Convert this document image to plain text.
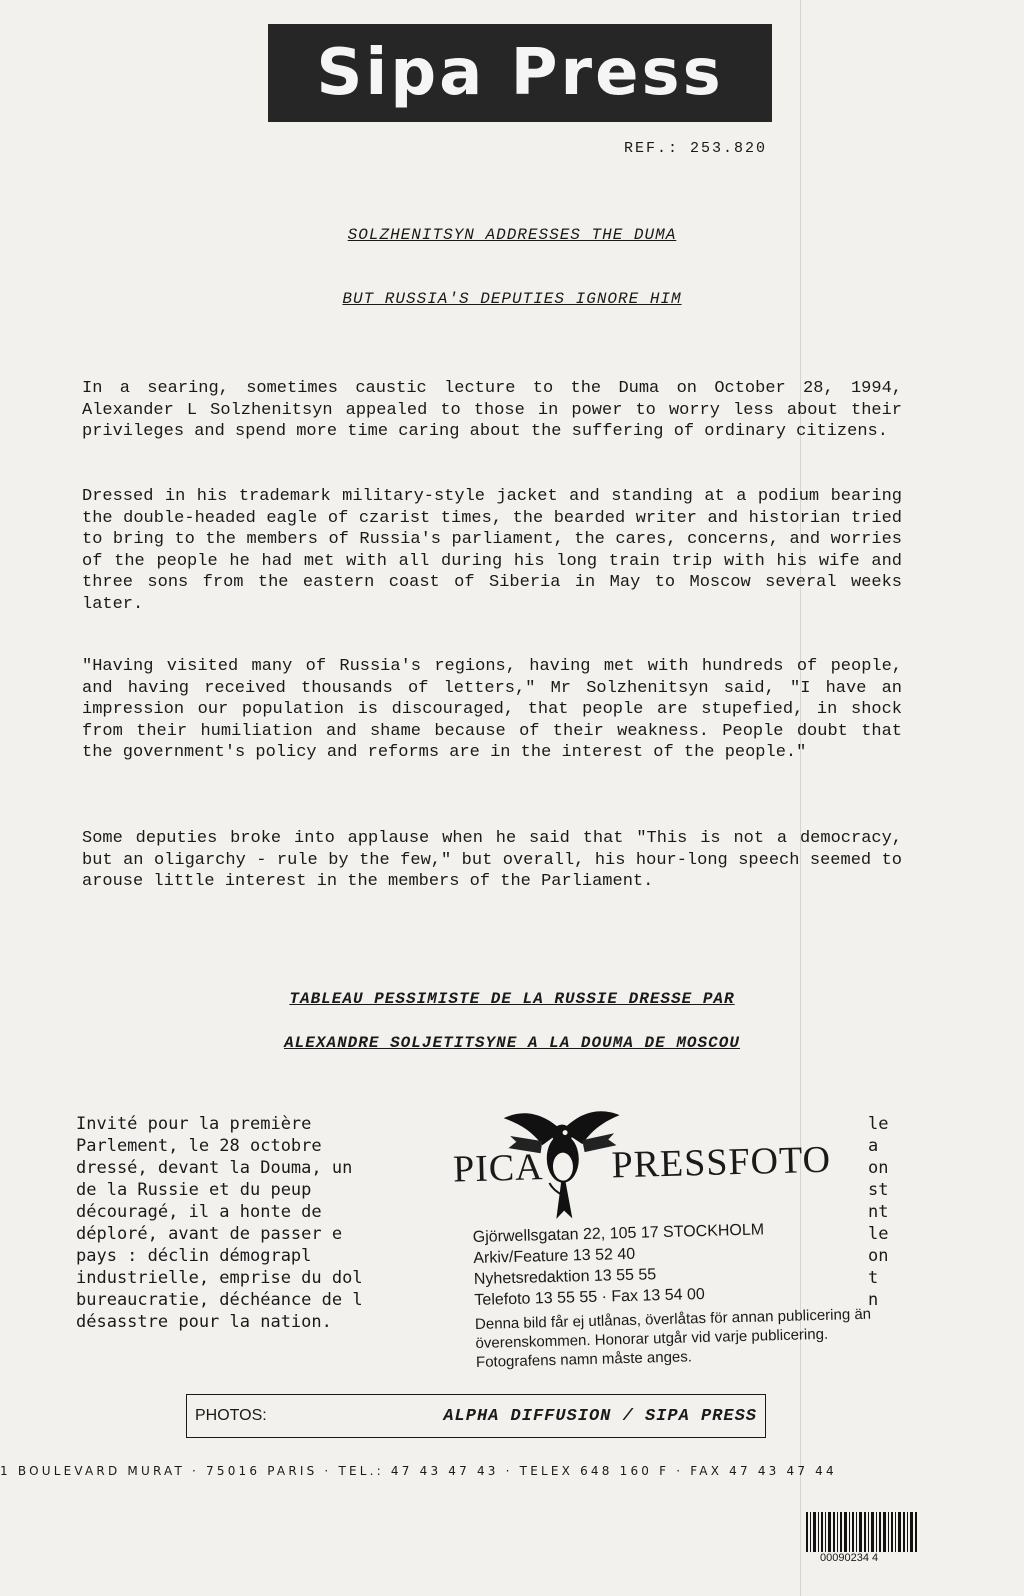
Sipa Press
REF.: 253.820
SOLZHENITSYN ADDRESSES THE DUMA
BUT RUSSIA'S DEPUTIES IGNORE HIM

In a searing, sometimes caustic lecture to the Duma on October 28, 1994, Alexander L Solzhenitsyn appealed to those in power to worry less about their privileges and spend more time caring about the suffering of ordinary citizens.

Dressed in his trademark military-style jacket and standing at a podium bearing the double-headed eagle of czarist times, the bearded writer and historian tried to bring to the members of Russia's parliament, the cares, concerns, and worries of the people he had met with all during his long train trip with his wife and three sons from the eastern coast of Siberia in May to Moscow several weeks later.

"Having visited many of Russia's regions, having met with hundreds of people, and having received thousands of letters," Mr Solzhenitsyn said, "I have an impression our population is discouraged, that people are stupefied, in shock from their humiliation and shame because of their weakness. People doubt that the government's policy and reforms are in the interest of the people."

Some deputies broke into applause when he said that "This is not a democracy, but an oligarchy - rule by the few," but overall, his hour-long speech seemed to arouse little interest in the members of the Parliament.

TABLEAU PESSIMISTE DE LA RUSSIE DRESSE PAR
ALEXANDRE SOLJETITSYNE A LA DOUMA DE MOSCOU
Invité pour la première
Parlement, le 28 octobre
dressé, devant la Douma, un
de la Russie et du peup
découragé, il a honte de
déploré, avant de passer e
pays : déclin démograpl
industrielle, emprise du dol
bureaucratie, déchéance de l
désasstre pour la nation.
le
a
on
st
nt
le
on
t
n
PICA PRESSFOTO
Gjörwellsgatan 22, 105 17 STOCKHOLM
Arkiv/Feature 13 52 40
Nyhetsredaktion 13 55 55
Telefoto 13 55 55 · Fax 13 54 00

Denna bild får ej utlånas, överlåtas för annan publicering än överenskommen. Honorar utgår vid varje publicering. Fotografens namn måste anges.

PHOTOS:	ALPHA DIFFUSION / SIPA PRESS
1 BOULEVARD MURAT · 75016 PARIS · TEL.: 47 43 47 43 · TELEX 648 160 F · FAX 47 43 47 44
00090234 4
